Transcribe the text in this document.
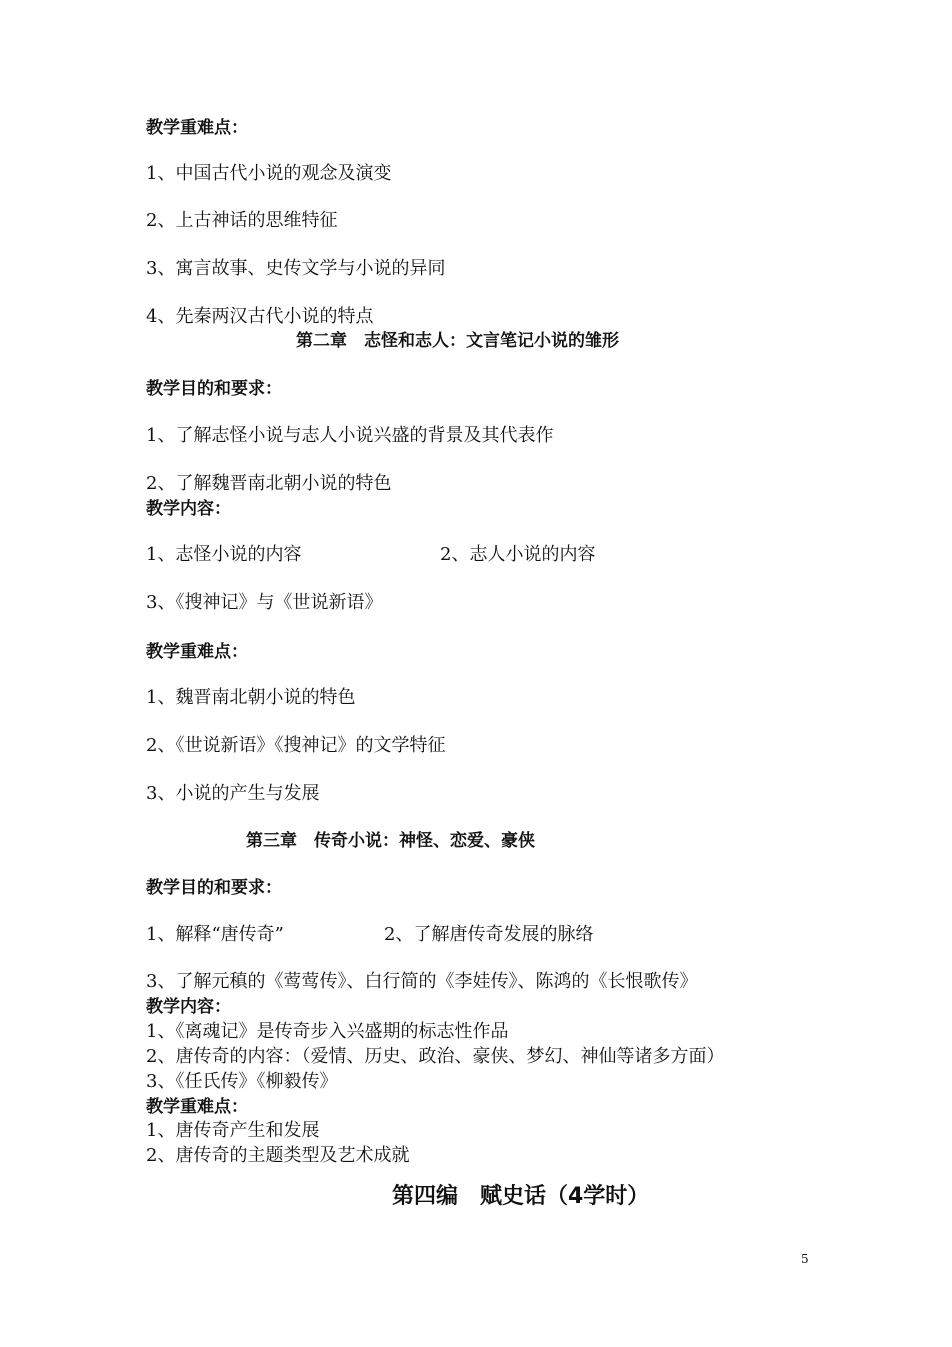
教学重难点：
1、中国古代小说的观念及演变
2、上古神话的思维特征
3、寓言故事、史传文学与小说的异同
4、先秦两汉古代小说的特点
第二章　志怪和志人：文言笔记小说的雏形
教学目的和要求：
1、了解志怪小说与志人小说兴盛的背景及其代表作
2、了解魏晋南北朝小说的特色
教学内容：
1、志怪小说的内容	2、志人小说的内容
3、《搜神记》与《世说新语》
教学重难点：
1、魏晋南北朝小说的特色
2、《世说新语》《搜神记》的文学特征
3、小说的产生与发展
第三章　传奇小说：神怪、恋爱、豪侠
教学目的和要求：
1、解释“唐传奇”	2、了解唐传奇发展的脉络
3、了解元稹的《莺莺传》、白行简的《李娃传》、陈鸿的《长恨歌传》
教学内容：
1、《离魂记》是传奇步入兴盛期的标志性作品
2、唐传奇的内容：（爱情、历史、政治、豪侠、梦幻、神仙等诸多方面）
3、《任氏传》《柳毅传》
教学重难点：
1、唐传奇产生和发展
2、唐传奇的主题类型及艺术成就
第四编　赋史话（4学时）
5
